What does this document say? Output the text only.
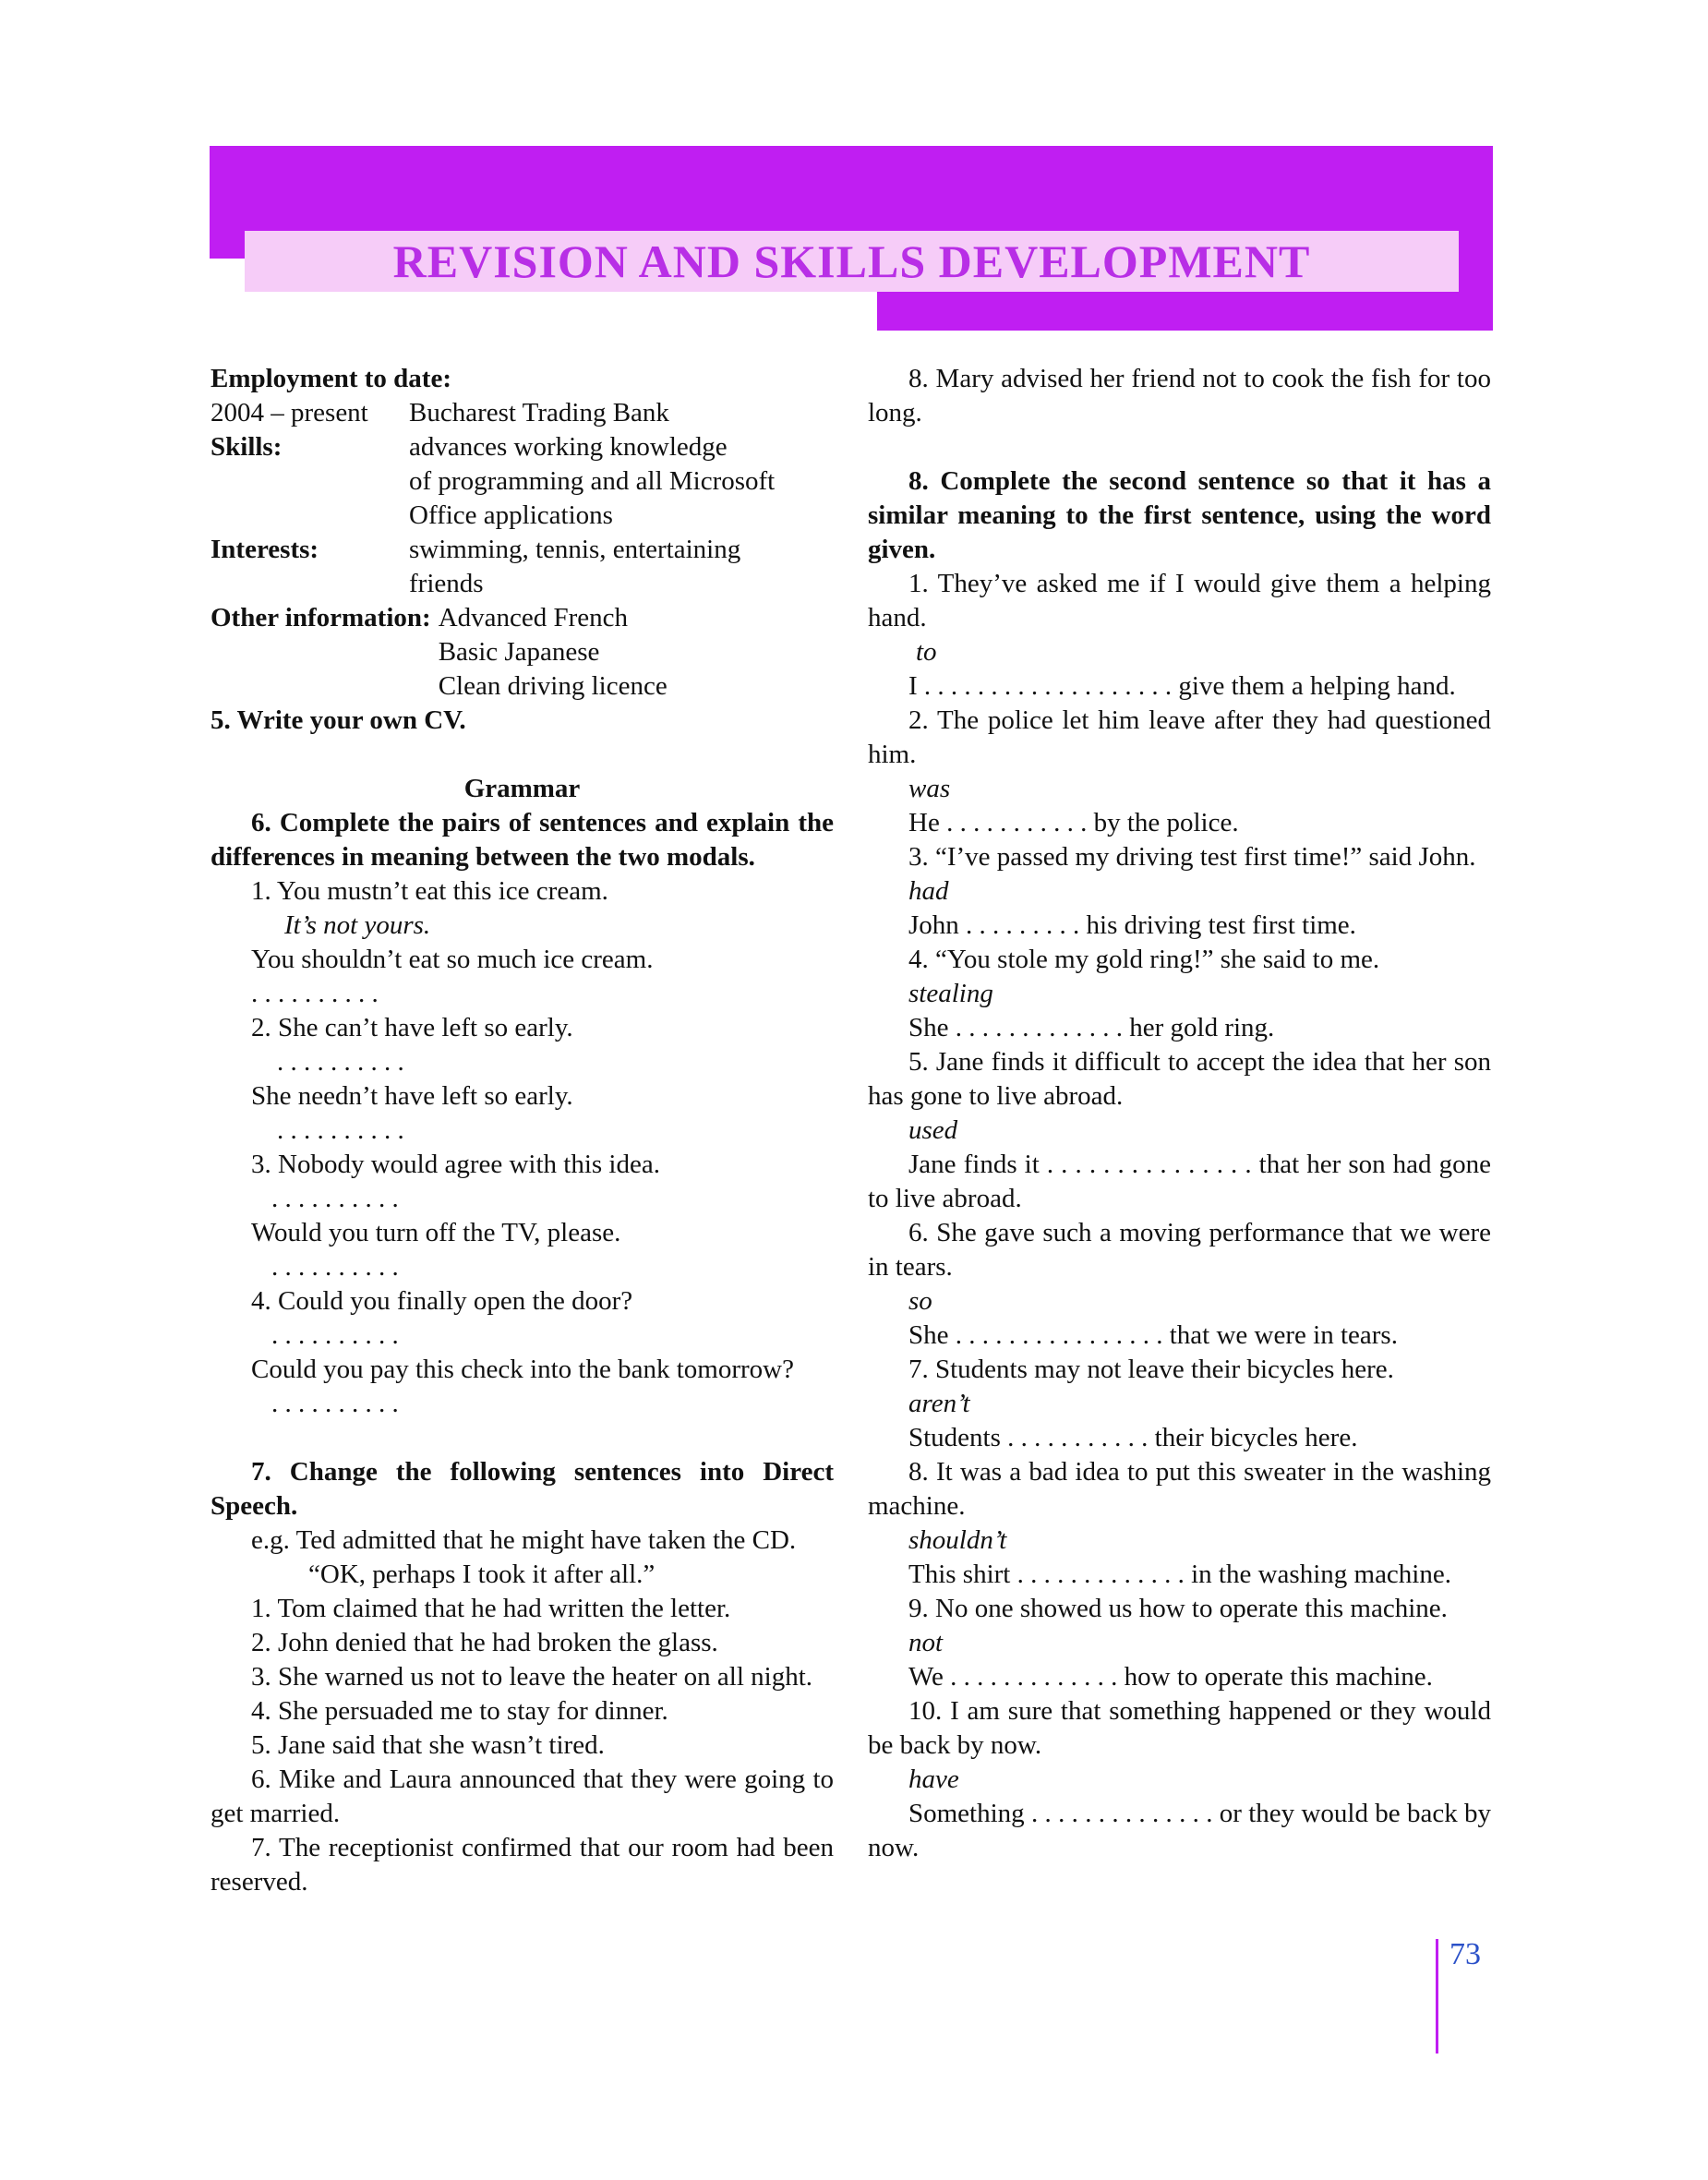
REVISION AND SKILLS DEVELOPMENT

Employment to date:

2004 – present	Bucharest Trading Bank
Skills:	advances working knowledge
of programming and all Microsoft
Office applications
Interests:	swimming, tennis, entertaining
friends
Other information: Advanced French
Basic Japanese
Clean driving licence

5. Write your own CV.

Grammar

6. Complete the pairs of sentences and explain the differences in meaning between the two modals.

1. You mustn’t eat this ice cream.

It’s not yours.

You shouldn’t eat so much ice cream.

. . . . . . . . . .

2. She can’t have left so early.

. . . . . . . . . .

She needn’t have left so early.

. . . . . . . . . .

3. Nobody would agree with this idea.

. . . . . . . . . .

Would you turn off the TV, please.

. . . . . . . . . .

4. Could you finally open the door?

. . . . . . . . . .

Could you pay this check into the bank tomorrow?

. . . . . . . . . .

7. Change the following sentences into Direct Speech.

e.g. Ted admitted that he might have taken the CD.

“OK, perhaps I took it after all.”

1. Tom claimed that he had written the letter.

2. John denied that he had broken the glass.

3. She warned us not to leave the heater on all night.

4. She persuaded me to stay for dinner.

5. Jane said that she wasn’t tired.

6. Mike and Laura announced that they were going to get married.

7. The receptionist confirmed that our room had been reserved.

8. Mary advised her friend not to cook the fish for too long.

8. Complete the second sentence so that it has a similar meaning to the first sentence, using the word given.

1. They’ve asked me if I would give them a helping hand.

to

I . . . . . . . . . . . . . . . . . . . give them a helping hand.

2. The police let him leave after they had questioned him.

was

He . . . . . . . . . . . by the police.

3. “I’ve passed my driving test first time!” said John.

had

John . . . . . . . . . his driving test first time.

4. “You stole my gold ring!” she said to me.

stealing

She . . . . . . . . . . . . . her gold ring.

5. Jane finds it difficult to accept the idea that her son has gone to live abroad.

used

Jane finds it . . . . . . . . . . . . . . . that her son had gone to live abroad.

6. She gave such a moving performance that we were in tears.

so

She . . . . . . . . . . . . . . . . that we were in tears.

7. Students may not leave their bicycles here.

aren’t

Students . . . . . . . . . . . their bicycles here.

8. It was a bad idea to put this sweater in the washing machine.

shouldn’t

This shirt . . . . . . . . . . . . . in the washing machine.

9. No one showed us how to operate this machine.

not

We . . . . . . . . . . . . . how to operate this machine.

10. I am sure that something happened or they would be back by now.

have

Something . . . . . . . . . . . . . . or they would be back by now.

73
